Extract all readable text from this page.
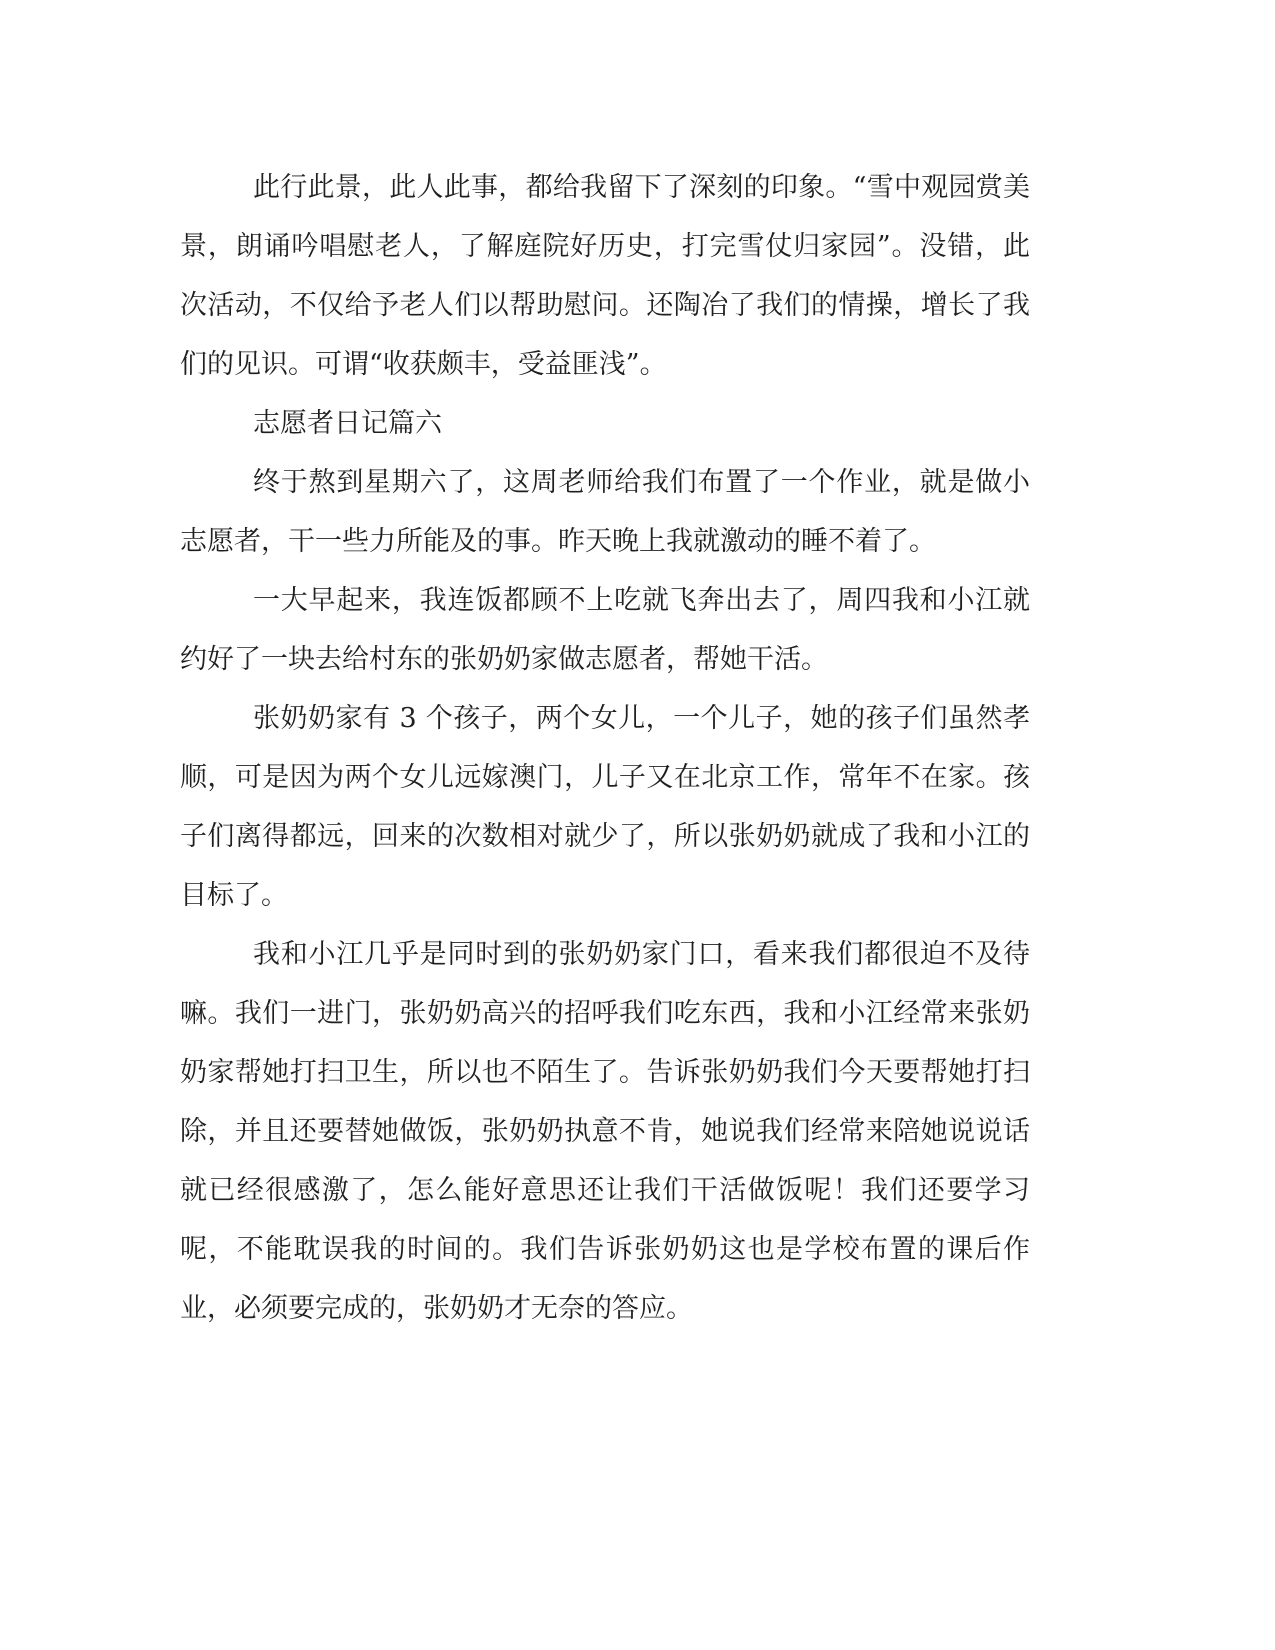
此行此景，此人此事，都给我留下了深刻的印象。“雪中观园赏美景，朗诵吟唱慰老人，了解庭院好历史，打完雪仗归家园”。没错，此次活动，不仅给予老人们以帮助慰问。还陶冶了我们的情操，增长了我们的见识。可谓“收获颇丰，受益匪浅”。

志愿者日记篇六

终于熬到星期六了，这周老师给我们布置了一个作业，就是做小志愿者，干一些力所能及的事。昨天晚上我就激动的睡不着了。

一大早起来，我连饭都顾不上吃就飞奔出去了，周四我和小江就约好了一块去给村东的张奶奶家做志愿者，帮她干活。

张奶奶家有 3 个孩子，两个女儿，一个儿子，她的孩子们虽然孝顺，可是因为两个女儿远嫁澳门，儿子又在北京工作，常年不在家。孩子们离得都远，回来的次数相对就少了，所以张奶奶就成了我和小江的目标了。

我和小江几乎是同时到的张奶奶家门口，看来我们都很迫不及待嘛。我们一进门，张奶奶高兴的招呼我们吃东西，我和小江经常来张奶奶家帮她打扫卫生，所以也不陌生了。告诉张奶奶我们今天要帮她打扫除，并且还要替她做饭，张奶奶执意不肯，她说我们经常来陪她说说话就已经很感激了，怎么能好意思还让我们干活做饭呢！我们还要学习呢，不能耽误我的时间的。我们告诉张奶奶这也是学校布置的课后作业，必须要完成的，张奶奶才无奈的答应。
